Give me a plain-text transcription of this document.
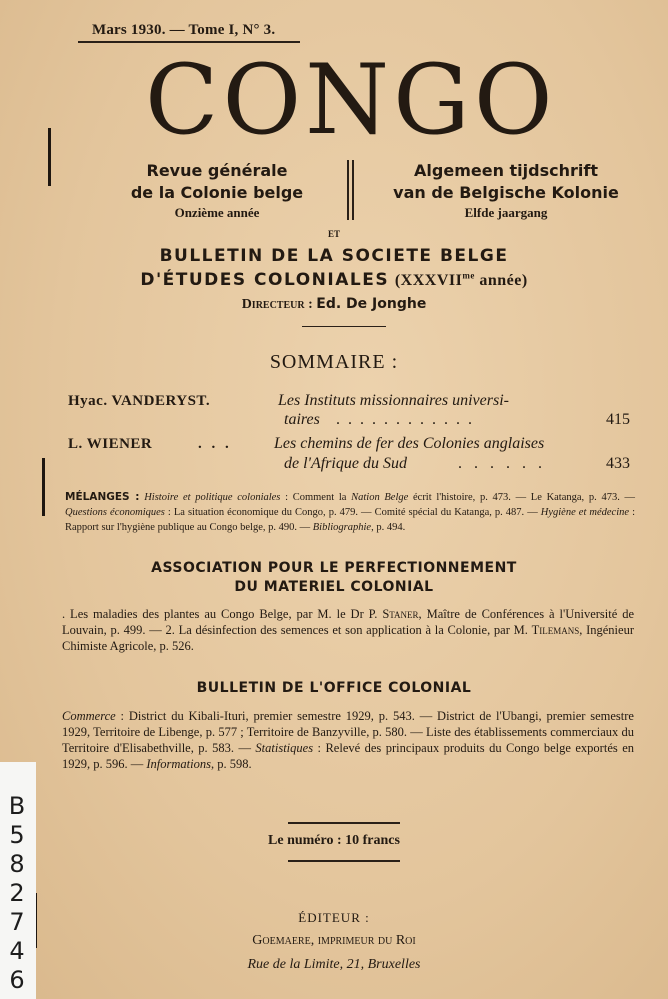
Mars 1930. — Tome I, N° 3.
CONGO
Revue générale
de la Colonie belge
Onzième année
Algemeen tijdschrift
van de Belgische Kolonie
Elfde jaargang
ET
BULLETIN DE LA SOCIETE BELGE
D'ÉTUDES COLONIALES ($XXXVII^{me}$ année)
Directeur : Ed. De Jonghe
SOMMAIRE :
Hyac. VANDERYST.	Les Instituts missionnaires universi-
taires . . . . . . . . . . . .	415
L. WIENER	. . .	Les chemins de fer des Colonies anglaises
de l'Afrique du Sud	. . . . . .	433
MÉLANGES : Histoire et politique coloniales : Comment la Nation Belge écrit l'histoire, p. 473. — Le Katanga, p. 473. — Questions économiques : La situation économique du Congo, p. 479. — Comité spécial du Katanga, p. 487. — Hygiène et médecine : Rapport sur l'hygiène publique au Congo belge, p. 490. — Bibliographie, p. 494.
ASSOCIATION POUR LE PERFECTIONNEMENT
DU MATERIEL COLONIAL
. Les maladies des plantes au Congo Belge, par M. le Dr P. Staner, Maître de Conférences à l'Université de Louvain, p. 499. — 2. La désinfection des semences et son application à la Colonie, par M. Tilemans, Ingénieur Chimiste Agricole, p. 526.
BULLETIN DE L'OFFICE COLONIAL
Commerce : District du Kibali-Ituri, premier semestre 1929, p. 543. — District de l'Ubangi, premier semestre 1929, Territoire de Libenge, p. 577 ; Territoire de Banzyville, p. 580. — Liste des établissements commerciaux du Territoire d'Elisabethville, p. 583. — Statistiques : Relevé des principaux produits du Congo belge exportés en 1929, p. 596. — Informations, p. 598.
Le numéro : 10 francs
ÉDITEUR :
Goemaere, imprimeur du Roi
Rue de la Limite, 21, Bruxelles
B
5
8
2
7
4
6
